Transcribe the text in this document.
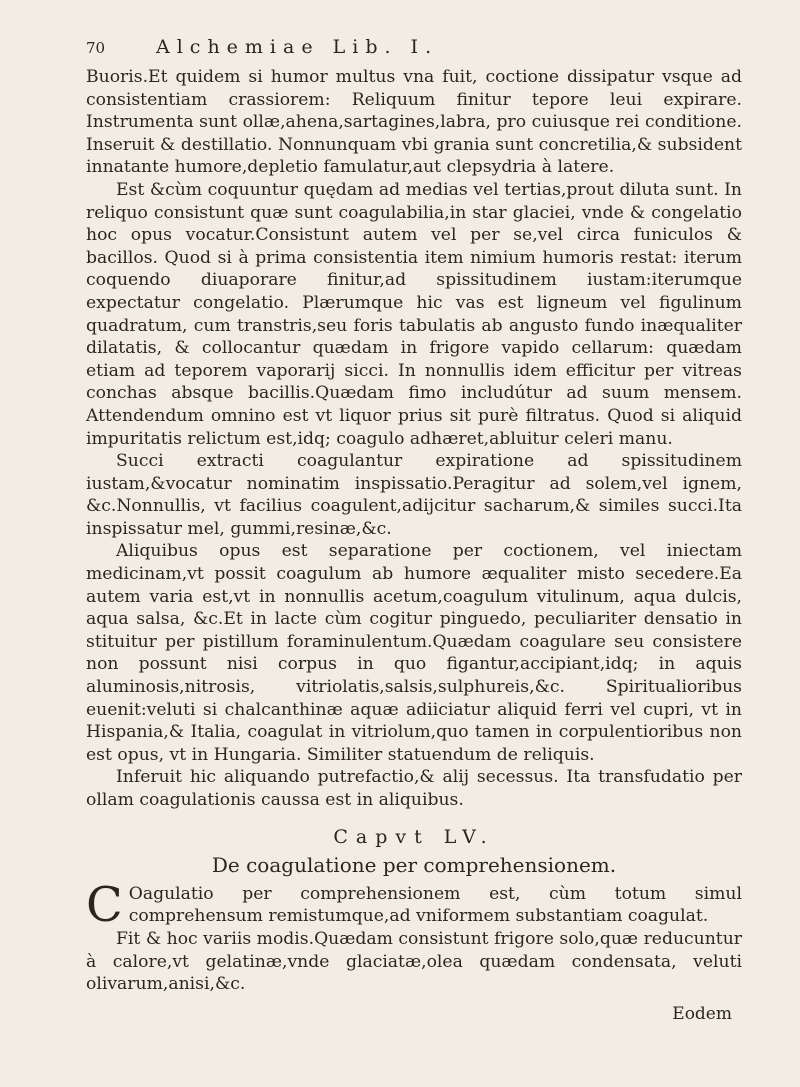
70	Alchemiae Lib. I.

Buoris.Et quidem si humor multus vna fuit, coctione dissipatur vsque ad consistentiam crassiorem: Reliquum finitur tepore leui expirare. Instrumenta sunt ollæ,ahena,sartagines,labra, pro cuiusque rei conditione. Inseruit & destillatio. Nonnunquam vbi grania sunt concretilia,& subsident innatante humore,depletio famulatur,aut clepsydria à latere.

Est &cùm coquuntur quędam ad medias vel tertias,prout diluta sunt. In reliquo consistunt quæ sunt coagulabilia,in star glaciei, vnde & congelatio hoc opus vocatur.Consistunt autem vel per se,vel circa funiculos & bacillos. Quod si à prima consistentia item nimium humoris restat: iterum coquendo diuaporare finitur,ad spissitudinem iustam:iterumque expectatur congelatio. Plærumque hic vas est ligneum vel figulinum quadratum, cum transtris,seu foris tabulatis ab angusto fundo inæqualiter dilatatis, & collocantur quædam in frigore vapido cellarum: quædam etiam ad teporem vaporarij sicci. In nonnullis idem efficitur per vitreas conchas absque bacillis.Quædam fimo includútur ad suum mensem. Attendendum omnino est vt liquor prius sit purè filtratus. Quod si aliquid impuritatis relictum est,idq; coagulo adhæret,abluitur celeri manu.

Succi extracti coagulantur expiratione ad spissitudinem iustam,&vocatur nominatim inspissatio.Peragitur ad solem,vel ignem, &c.Nonnullis, vt facilius coagulent,adijcitur sacharum,& similes succi.Ita inspissatur mel, gummi,resinæ,&c.

Aliquibus opus est separatione per coctionem, vel iniectam medicinam,vt possit coagulum ab humore æqualiter misto secedere.Ea autem varia est,vt in nonnullis acetum,coagulum vitulinum, aqua dulcis, aqua salsa, &c.Et in lacte cùm cogitur pinguedo, peculiariter densatio in stituitur per pistillum foraminulentum.Quædam coagulare seu consistere non possunt nisi corpus in quo figantur,accipiant,idq; in aquis aluminosis,nitrosis, vitriolatis,salsis,sulphureis,&c. Spiritualioribus euenit:veluti si chalcanthinæ aquæ adiiciatur aliquid ferri vel cupri, vt in Hispania,& Italia, coagulat in vitriolum,quo tamen in corpulentioribus non est opus, vt in Hungaria. Similiter statuendum de reliquis.

Inferuit hic aliquando putrefactio,& alij secessus. Ita transfudatio per ollam coagulationis caussa est in aliquibus.

Capvt LV.
De coagulatione per comprehensionem.

C Oagulatio per comprehensionem est, cùm totum simul comprehensum remistumque,ad vniformem substantiam coagulat.

Fit & hoc variis modis.Quædam consistunt frigore solo,quæ reducuntur à calore,vt gelatinæ,vnde glaciatæ,olea quædam condensata, veluti olivarum,anisi,&c.

Eodem
